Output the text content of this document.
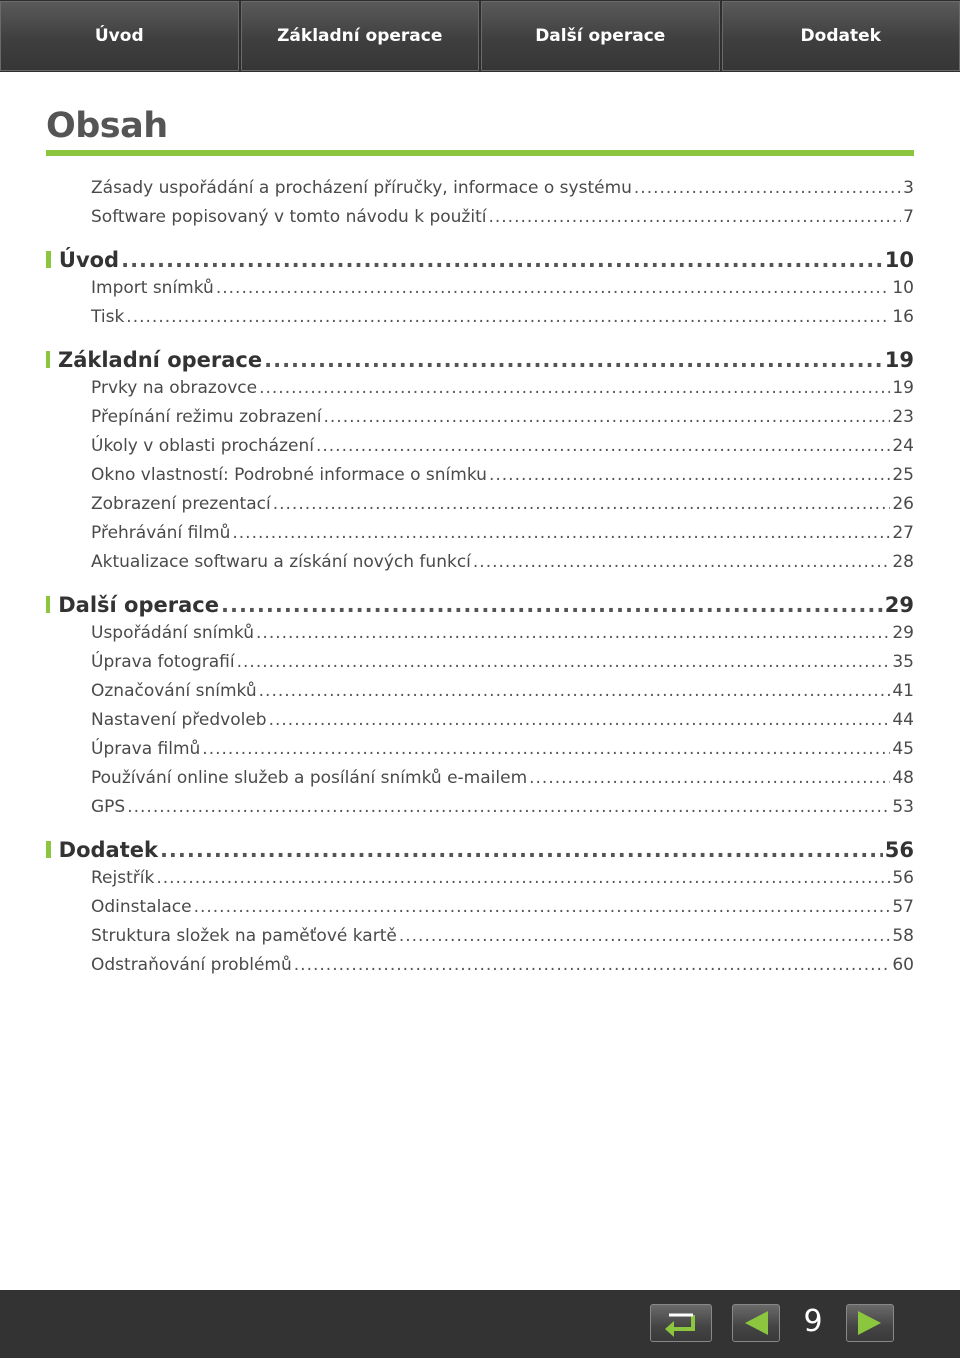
Úvod	Základní operace	Další operace	Dodatek
Obsah
Zásady uspořádání a procházení příručky, informace o systému .....	3
Software popisovaný v tomto návodu k použití .....	7
Úvod .....	10
Import snímků .....	10
Tisk .....	16
Základní operace .....	19
Prvky na obrazovce .....	19
Přepínání režimu zobrazení .....	23
Úkoly v oblasti procházení .....	24
Okno vlastností: Podrobné informace o snímku .....	25
Zobrazení prezentací .....	26
Přehrávání filmů .....	27
Aktualizace softwaru a získání nových funkcí .....	28
Další operace .....	29
Uspořádání snímků .....	29
Úprava fotografií .....	35
Označování snímků .....	41
Nastavení předvoleb .....	44
Úprava filmů .....	45
Používání online služeb a posílání snímků e-mailem .....	48
GPS .....	53
Dodatek .....	56
Rejstřík .....	56
Odinstalace .....	57
Struktura složek na paměťové kartě .....	58
Odstraňování problémů .....	60
9
